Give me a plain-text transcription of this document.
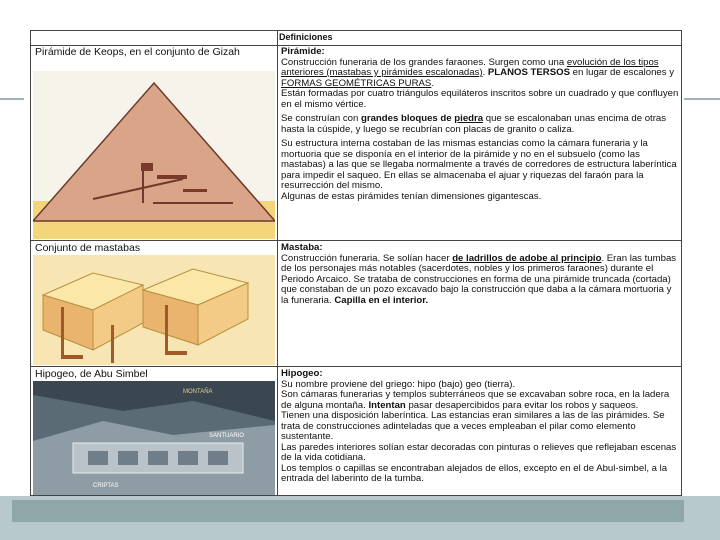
Definiciones
Pirámide de Keops, en el conjunto de Gizah	Pirámide:

Construcción funeraria de los grandes faraones. Surgen como una evolución de los tipos anteriores (mastabas y pirámides escalonadas). PLANOS TERSOS en lugar de escalones y FORMAS GEOMÉTRICAS PURAS.
Están formadas por cuatro triángulos equiláteros inscritos sobre un cuadrado y que confluyen en el mismo vértice.

Se construían con grandes bloques de piedra que se escalonaban unas encima de otras hasta la cúspide, y luego se recubrían con placas de granito o caliza.

Su estructura interna costaban de las mismas estancias como la cámara funeraria y la mortuoria que se disponía en el interior de la pirámide y no en el subsuelo (como las mastabas) a las que se llegaba normalmente a través de corredores de estructura laberíntica para impedir el saqueo. En ellas se almacenaba el ajuar y riquezas del faraón para la resurrección del mismo.
Algunas de estas pirámides tenían dimensiones gigantescas.

Conjunto de mastabas	Mastaba:

Construcción funeraria. Se solían hacer de ladrillos de adobe al principio. Eran las tumbas de los personajes más notables (sacerdotes, nobles y los primeros faraones) durante el Periodo Arcaico. Se trataba de construcciones en forma de una pirámide truncada (cortada) que constaban de un pozo excavado bajo la construcción que daba a la cámara mortuoria y la funeraria. Capilla en el interior.

Hipogeo, de Abu Simbel
MONTAÑA
SANTUARIO
CRIPTAS

Hipogeo:

Su nombre proviene del griego: hipo (bajo) geo (tierra).
Son cámaras funerarias y templos subterráneos que se excavaban sobre roca, en la ladera de alguna montaña. Intentan pasar desapercibidos para evitar los robos y saqueos.
Tienen una disposición laberíntica. Las estancias eran similares a las de las pirámides. Se trata de construcciones adinteladas que a veces empleaban el pilar como elemento sustentante.
Las paredes interiores solían estar decoradas con pinturas o relieves que reflejaban escenas de la vida cotidiana.
Los templos o capillas se encontraban alejados de ellos, excepto en el de Abul-simbel, a la entrada del laberinto de la tumba.
